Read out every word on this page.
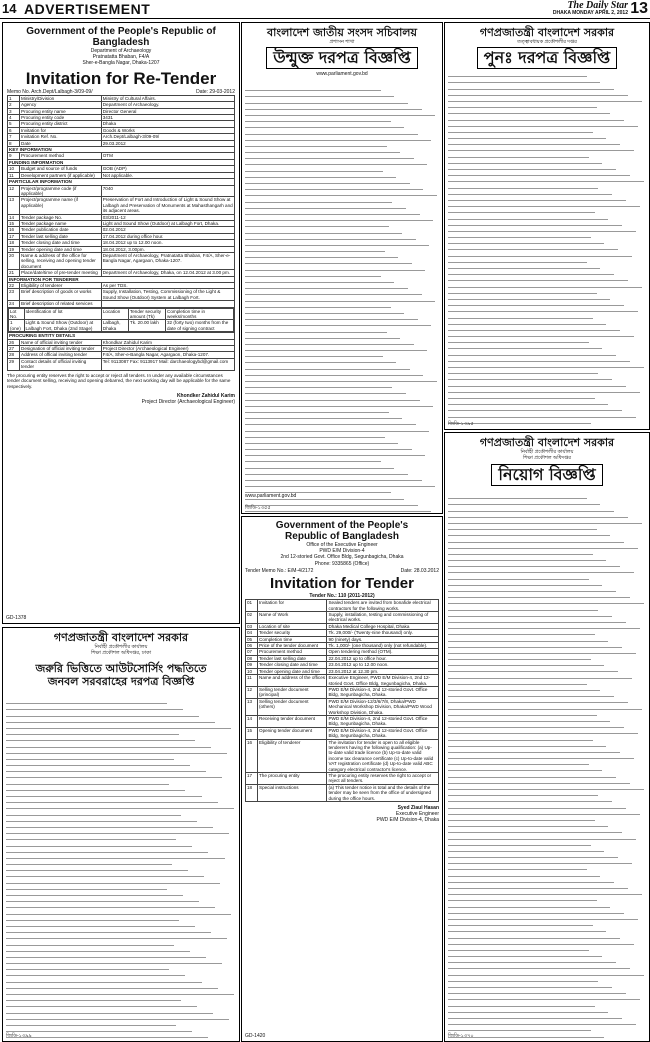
14 ADVERTISEMENT	The Daily Star
DHAKA MONDAY APRIL 2, 2012 13
Government of the People's Republic of Bangladesh
Department of Archaeology
Pratnatatta Bhaban, F4/A
Sher-e-Bangla Nagar, Dhaka-1207
Invitation for Re-Tender
Memo No. Arch.Dept/Lalbagh-3/09-09/	Date: 29-03-2012
1	Ministry/Division	Ministry of Cultural Affairs.
2	Agency	Department of Archaeology.
3	Procuring entity name	Director General
4	Procuring entity code	3431
5	Procuring entity district	Dhaka
6	Invitation for	Goods & Works
7	Invitation Ref. No.	Arch.Dept/Lalbagh-3/09-09/
8	Date	29.03.2012
KEY INFORMATION
9	Procurement method	OTM
FUNDING INFORMATION
10	Budget and source of funds	GOB (ADP)
11	Development partners (if applicable)	Not applicable.
PARTICULAR INFORMATION
12	Project/programme code (if applicable)	7040
13	Project/programme name (if applicable)	Preservation of Fort and Introduction of Light & Sound Show at Lalbagh and Preservation of Monuments at Mahasthangarh and its adjacent areas.
14	Tender package No.	03/2011-12
15	Tender package name	Light and Sound Show (Outdoor) at Lalbagh Fort, Dhaka.
16	Tender publication date	02.04.2012
17	Tender last selling date	17.04.2012 during office hour.
18	Tender closing date and time	18.04.2012 up to 12.00 noon.
19	Tender opening date and time	18.04.2012, 3.00pm.
20	Name & address of the office for selling, receiving and opening tender document	Department of Archaeology, Pratnatatta Bhaban, F4/A, Sher-e-Bangla Nagar, Agargaon, Dhaka-1207.
21	Place/date/time of pre-tender meeting	Department of Archaeology, Dhaka, on 12.04.2012 at 3.00 pm.
INFORMATION FOR TENDERER
22	Eligibility of tenderer	As per TDS.
23	Brief description of goods or works	Supply, Installation, Testing, Commissioning of the Light & Sound Show (Outdoor) System at Lalbagh Fort.
24	Brief description of related services	

Lot No.	Identification of lot	Location	Tender security amount (Tk)	Completion time in weeks/months
1 (one)	Light & Sound Show (Outdoor) at Lalbagh Fort, Dhaka (2nd Stage)	Lalbagh, Dhaka	Tk. 20.00 lakh	32 (forty two) months from the date of signing contract

PROCURING ENTITY DETAILS
26	Name of official inviting tender	Khondkar Zahidul Karim
27	Designation of official inviting tender	Project Director (Archaeological Engineer)
28	Address of official inviting tender	F4/A, Sher-e-Bangla Nagar, Agargaon, Dhaka-1207.
29	Contact details of official inviting tender	Tel: 9113087 Fax: 9113917 Mail: darchaeologybd@gmail.com
The procuring entity reserves the right to accept or reject all tenders. In under any available circumstances tender document selling, receiving and opening debarred, the next working day will be applicable for the same respectively.
Khondker Zahidul Karim
Project Director (Archaeological Engineer)
GD-1378
বাংলাদেশ জাতীয় সংসদ সচিবালয়
প্রশাসন শাখা
উন্মুক্ত দরপত্র বিজ্ঞপ্তি
www.parliament.gov.bd
www.parliament.gov.bd
জিডি-১৩৫৫
গণপ্রজাতন্ত্রী বাংলাদেশ সরকার
তত্ত্বাবধায়ক প্রকৌশলীর দপ্তর
পুনঃ দরপত্র বিজ্ঞপ্তি
জিডি-১৩৯৫
গণপ্রজাতন্ত্রী বাংলাদেশ সরকার
নির্বাহী প্রকৌশলীর কার্যালয়
শিক্ষা প্রকৌশল অধিদপ্তর, ঢাকা
জরুরি ভিত্তিতে আউটসোর্সিং পদ্ধতিতে
জনবল সরবরাহের দরপত্র বিজ্ঞপ্তি
জিডি-১৩৯৯
Government of the People's
Republic of Bangladesh
Office of the Executive Engineer
PWD E/M Division-4
2nd 12-storied Govt. Office Bldg, Segunbagicha, Dhaka
Phone: 9335865 (Office)
Tender Memo No.: E/M-4/2172	Date: 28.03.2012
Invitation for Tender
Tender No.: 110 (2011-2012)
01	Invitation for	Sealed tenders are invited from bonafide electrical contractors for the following works.
02	Name of Work	Supply, installation, testing and commissioning of electrical works.
03	Location of site	Dhaka Medical College Hospital, Dhaka
04	Tender security	Tk. 29,000/- (Twenty-nine thousand) only.
05	Completion time	90 (ninety) days.
06	Price of the tender document	Tk. 1,000/- (one thousand) only (not refundable).
07	Procurement method	Open tendering method (OTM).
08	Tender last selling date	22.04.2012 up to office hour.
09	Tender closing date and time	23.04.2012 up to 12.00 noon.
10	Tender opening date and time	23.04.2012 at 12.30 pm.
11	Name and address of the offices	Executive Engineer, PWD E/M Division-4, 2nd 12-storied Govt. Office Bldg, Segunbagicha, Dhaka.
12	Selling tender document (principal)	PWD E/M Division-4, 2nd 12-storied Govt. Office Bldg, Segunbagicha, Dhaka.
13	Selling tender document (others)	PWD E/M Division-12/3/6/7/8, Dhaka/PWD Mechanical Workshop Division, Dhaka/PWD Wood Workshop Division, Dhaka.
14	Receiving tender document	PWD E/M Division-4, 2nd 12-storied Govt. Office Bldg, Segunbagicha, Dhaka.
15	Opening tender document	PWD E/M Division-4, 2nd 12-storied Govt. Office Bldg, Segunbagicha, Dhaka.
16	Eligibility of tenderer	The invitation for tender is open to all eligible tenderers having the following qualification: (a) Up-to-date valid trade licence (b) Up-to-date valid income tax clearance certificate (c) Up-to-date valid VAT registration certificate (d) Up-to-date valid ABC category electrical contractor's licence.
17	The procuring entity	The procuring entity reserves the right to accept or reject all tenders.
18	Special instructions	(a) This tender notice is total and the details of the tender may be seen from the office of undersigned during the office hours.
Syed Ziaul Hasan
Executive Engineer
PWD E/M Division-4, Dhaka
GD-1420
গণপ্রজাতন্ত্রী বাংলাদেশ সরকার
নির্বাহী প্রকৌশলীর কার্যালয়
শিক্ষা প্রকৌশল অধিদপ্তর
নিয়োগ বিজ্ঞপ্তি
জিডি-১৩৭০
